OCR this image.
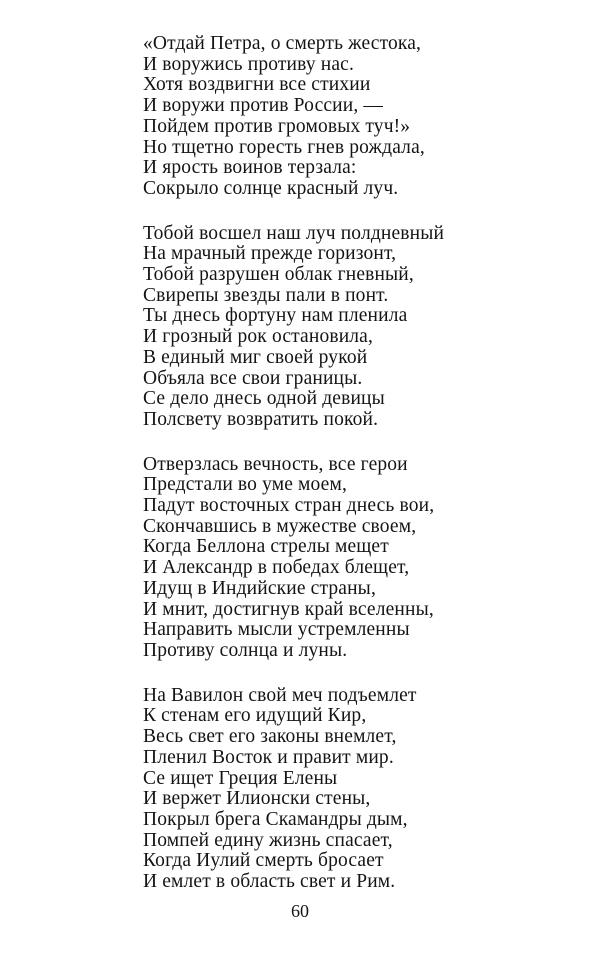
«Отдай Петра, о смерть жестока,
И воружись противу нас.
Хотя воздвигни все стихии
И воружи против России, —
Пойдем против громовых туч!»
Но тщетно горесть гнев рождала,
И ярость воинов терзала:
Сокрыло солнце красный луч.
Тобой восшел наш луч полдневный
На мрачный прежде горизонт,
Тобой разрушен облак гневный,
Свирепы звезды пали в понт.
Ты днесь фортуну нам пленила
И грозный рок остановила,
В единый миг своей рукой
Объяла все свои границы.
Се дело днесь одной девицы
Полсвету возвратить покой.
Отверзлась вечность, все герои
Предстали во уме моем,
Падут восточных стран днесь вои,
Скончавшись в мужестве своем,
Когда Беллона стрелы мещет
И Александр в победах блещет,
Идущ в Индийские страны,
И мнит, достигнув край вселенны,
Направить мысли устремленны
Противу солнца и луны.
На Вавилон свой меч подъемлет
К стенам его идущий Кир,
Весь свет его законы внемлет,
Пленил Восток и правит мир.
Се ищет Греция Елены
И вержет Илионски стены,
Покрыл брега Скамандры дым,
Помпей едину жизнь спасает,
Когда Иулий смерть бросает
И емлет в область свет и Рим.
60
